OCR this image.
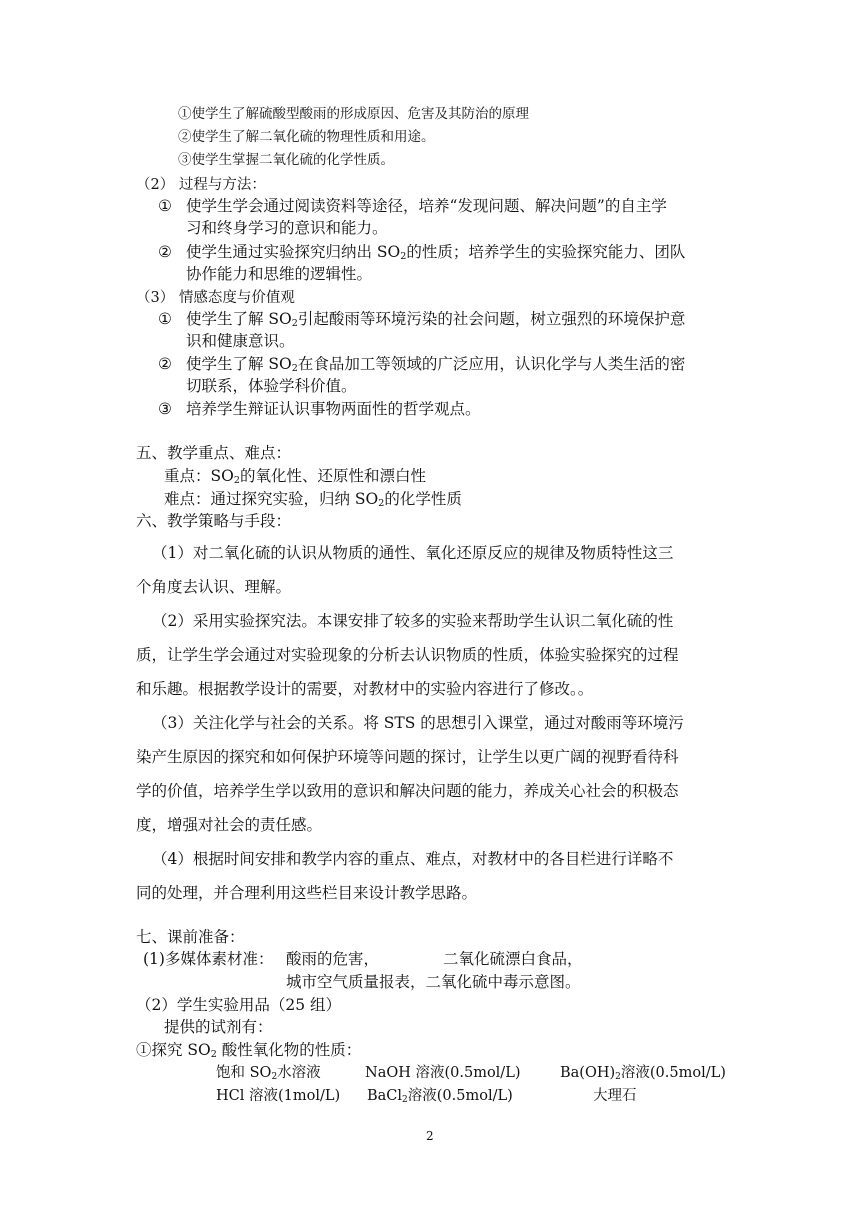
①使学生了解硫酸型酸雨的形成原因、危害及其防治的原理
②使学生了解二氧化硫的物理性质和用途。
③使学生掌握二氧化硫的化学性质。
（2） 过程与方法：
① 使学生学会通过阅读资料等途径，培养“发现问题、解决问题”的自主学
习和终身学习的意识和能力。
② 使学生通过实验探究归纳出 $SO_2$的性质；培养学生的实验探究能力、团队
协作能力和思维的逻辑性。
（3） 情感态度与价值观
① 使学生了解 $SO_2$引起酸雨等环境污染的社会问题，树立强烈的环境保护意
识和健康意识。
② 使学生了解 $SO_2$在食品加工等领域的广泛应用，认识化学与人类生活的密
切联系，体验学科价值。
③ 培养学生辩证认识事物两面性的哲学观点。
五、教学重点、难点：
重点：$SO_2$的氧化性、还原性和漂白性
难点：通过探究实验，归纳 $SO_2$的化学性质
六、教学策略与手段：
（1）对二氧化硫的认识从物质的通性、氧化还原反应的规律及物质特性这三
个角度去认识、理解。
（2）采用实验探究法。本课安排了较多的实验来帮助学生认识二氧化硫的性
质，让学生学会通过对实验现象的分析去认识物质的性质，体验实验探究的过程
和乐趣。根据教学设计的需要，对教材中的实验内容进行了修改。。
（3）关注化学与社会的关系。将 STS 的思想引入课堂，通过对酸雨等环境污
染产生原因的探究和如何保护环境等问题的探讨，让学生以更广阔的视野看待科
学的价值，培养学生学以致用的意识和解决问题的能力，养成关心社会的积极态
度，增强对社会的责任感。
（4）根据时间安排和教学内容的重点、难点，对教材中的各目栏进行详略不
同的处理，并合理利用这些栏目来设计教学思路。
七、课前准备：
(1)多媒体素材准： 酸雨的危害，	二氧化硫漂白食品，
城市空气质量报表，二氧化硫中毒示意图。
（2）学生实验用品（25 组）
提供的试剂有：
①探究 $SO_2$ 酸性氧化物的性质：
饱和 $SO_2$水溶液	NaOH 溶液(0.5mol/L)	$Ba(OH)_2$溶液(0.5mol/L)
HCl 溶液(1mol/L) BaCl$_2$溶液(0.5mol/L)	大理石
2
